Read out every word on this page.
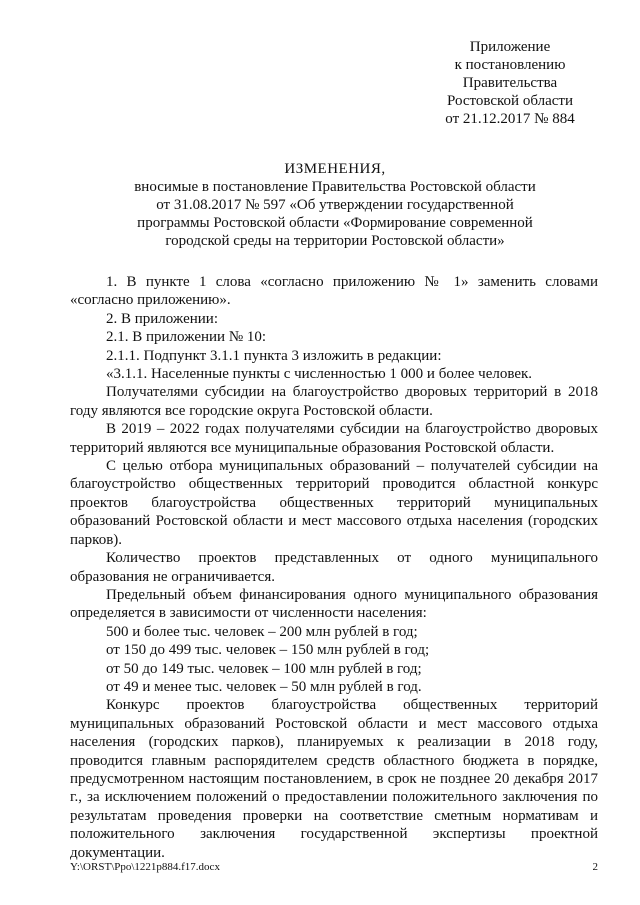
Приложение
к постановлению
Правительства
Ростовской области
от 21.12.2017 № 884
ИЗМЕНЕНИЯ,
вносимые в постановление Правительства Ростовской области
от 31.08.2017 № 597 «Об утверждении государственной
программы Ростовской области «Формирование современной
городской среды на территории Ростовской области»

1. В пункте 1 слова «согласно приложению № 1» заменить словами «согласно приложению».

2. В приложении:

2.1. В приложении № 10:

2.1.1. Подпункт 3.1.1 пункта 3 изложить в редакции:

«3.1.1. Населенные пункты с численностью 1 000 и более человек.

Получателями субсидии на благоустройство дворовых территорий в 2018 году являются все городские округа Ростовской области.

В 2019 – 2022 годах получателями субсидии на благоустройство дворовых территорий являются все муниципальные образования Ростовской области.

С целью отбора муниципальных образований – получателей субсидии на благоустройство общественных территорий проводится областной конкурс проектов благоустройства общественных территорий муниципальных образований Ростовской области и мест массового отдыха населения (городских парков).

Количество проектов представленных от одного муниципального образования не ограничивается.

Предельный объем финансирования одного муниципального образования определяется в зависимости от численности населения:

500 и более тыс. человек – 200 млн рублей в год;

от 150 до 499 тыс. человек – 150 млн рублей в год;

от 50 до 149 тыс. человек – 100 млн рублей в год;

от 49 и менее тыс. человек – 50 млн рублей в год.

Конкурс проектов благоустройства общественных территорий муниципальных образований Ростовской области и мест массового отдыха населения (городских парков), планируемых к реализации в 2018 году, проводится главным распорядителем средств областного бюджета в порядке, предусмотренном настоящим постановлением, в срок не позднее 20 декабря 2017 г., за исключением положений о предоставлении положительного заключения по результатам проведения проверки на соответствие сметным нормативам и положительного заключения государственной экспертизы проектной документации.

Y:\ORST\Ppo\1221p884.f17.docx	2
